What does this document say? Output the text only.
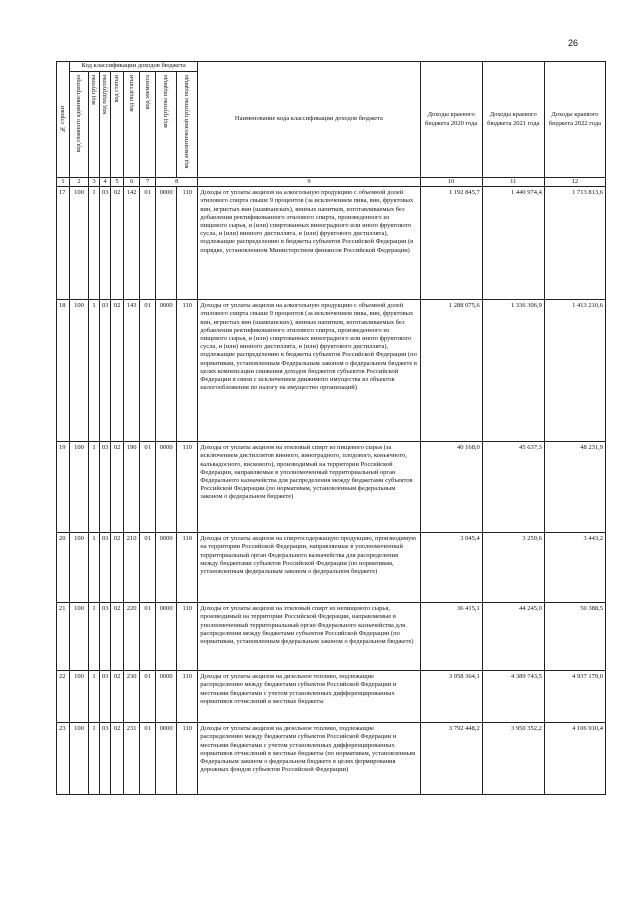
26
№ строки	Код классификации доходов бюджета								Наименование кода классификации доходов бюджета	Доходы краевого бюджета 2020 года	Доходы краевого бюджета 2021 года	Доходы краевого бюджета 2022 года

	код главного администратора	код группы	код подгруппы	код статьи	код подстатьи	код элемента	код группы подвида	код аналитической группы подвида				

1	2	3	4	5	6	7	8		9	10	11	12
17	100	1	03	02	142	01	0000	110	Доходы от уплаты акцизов на алкогольную продукцию с объемной долей этилового спирта свыше 9 процентов (за исключением пива, вин, фруктовых вин, игристых вин (шампанских), винных напитков, изготавливаемых без добавления ректификованного этилового спирта, произведенного из пищевого сырья, и (или) спиртованных виноградного или иного фруктового сусла, и (или) винного дистиллята, и (или) фруктового дистиллята), подлежащие распределению в бюджеты субъектов Российской Федерации (в порядке, установленном Министерством финансов Российской Федерации)	1 192 845,7	1 440 974,4	1 713 813,6
18	100	1	03	02	143	01	0000	110	Доходы от уплаты акцизов на алкогольную продукцию с объемной долей этилового спирта свыше 9 процентов (за исключением пива, вин, фруктовых вин, игристых вин (шампанских), винных напитков, изготавливаемых без добавления ректификованного этилового спирта, произведенного из пищевого сырья, и (или) спиртованных виноградного или иного фруктового сусла, и (или) винного дистиллята, и (или) фруктового дистиллята), подлежащие распределению в бюджеты субъектов Российской Федерации (по нормативам, установленным Федеральным законом о федеральном бюджете в целях компенсации снижения доходов бюджетов субъектов Российской Федерации в связи с исключением движимого имущества из объектов налогообложения по налогу на имущество организаций)	1 288 075,6	1 336 306,9	1 413 210,6
19	100	1	03	02	190	01	0000	110	Доходы от уплаты акцизов на этиловый спирт из пищевого сырья (за исключением дистиллятов винного, виноградного, плодового, коньячного, кальвадосного, вискового), производимый на территории Российской Федерации, направляемые в уполномоченный территориальный орган Федерального казначейства для распределения между бюджетами субъектов Российской Федерации (по нормативам, установленным федеральным законом о федеральном бюджете)	40 168,0	45 637,3	48 231,9
20	100	1	03	02	210	01	0000	110	Доходы от уплаты акцизов на спиртосодержащую продукцию, производимую на территории Российской Федерации, направляемые в уполномоченный территориальный орган Федерального казначейства для распределения между бюджетами субъектов Российской Федерации (по нормативам, установленным федеральным законом о федеральном бюджете)	3 045,4	3 259,6	3 443,2
21	100	1	03	02	220	01	0000	110	Доходы от уплаты акцизов на этиловый спирт из непищевого сырья, производимый на территории Российской Федерации, направляемые в уполномоченный территориальный орган Федерального казначейства для распределения между бюджетами субъектов Российской Федерации (по нормативам, установленным федеральным законом о федеральном бюджете)	36 415,1	44 245,0	50 388,5
22	100	1	03	02	230	01	0000	110	Доходы от уплаты акцизов на дизельное топливо, подлежащие распределению между бюджетами субъектов Российской Федерации и местными бюджетами с учетом установленных дифференцированных нормативов отчислений в местные бюджеты	3 958 364,1	4 389 743,5	4 937 179,0
23	100	1	03	02	231	01	0000	110	Доходы от уплаты акцизов на дизельное топливо, подлежащие распределению между бюджетами субъектов Российской Федерации и местными бюджетами с учетом установленных дифференцированных нормативов отчислений в местные бюджеты (по нормативам, установленным Федеральным законом о федеральном бюджете в целях формирования дорожных фондов субъектов Российской Федерации)	3 792 448,2	3 950 352,2	4 106 910,4
